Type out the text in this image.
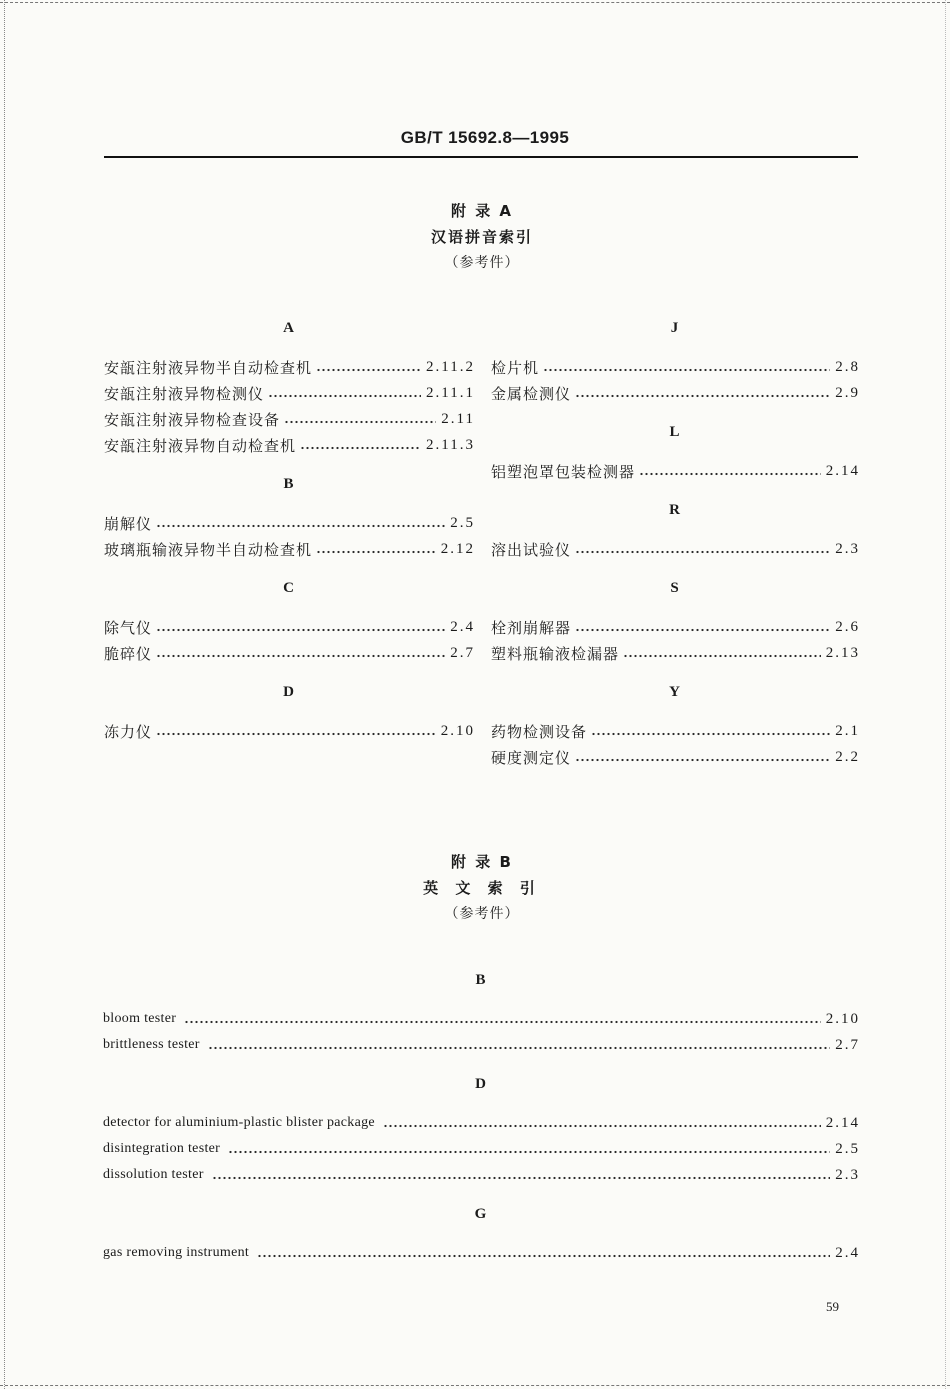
GB/T 15692.8—1995
附 录 A
汉语拼音索引
（参考件）
A
安瓿注射液异物半自动检查机	2.11.2
安瓿注射液异物检测仪	2.11.1
安瓿注射液异物检查设备	2.11
安瓿注射液异物自动检查机	2.11.3
B
崩解仪	2.5
玻璃瓶输液异物半自动检查机	2.12
C
除气仪	2.4
脆碎仪	2.7
D
冻力仪	2.10
J
检片机	2.8
金属检测仪	2.9
L
铝塑泡罩包装检测器	2.14
R
溶出试验仪	2.3
S
栓剂崩解器	2.6
塑料瓶输液检漏器	2.13
Y
药物检测设备	2.1
硬度测定仪	2.2
附 录 B
英 文 索 引
（参考件）
B
bloom tester	2.10
brittleness tester	2.7
D
detector for aluminium-plastic blister package	2.14
disintegration tester	2.5
dissolution tester	2.3
G
gas removing instrument	2.4
59
